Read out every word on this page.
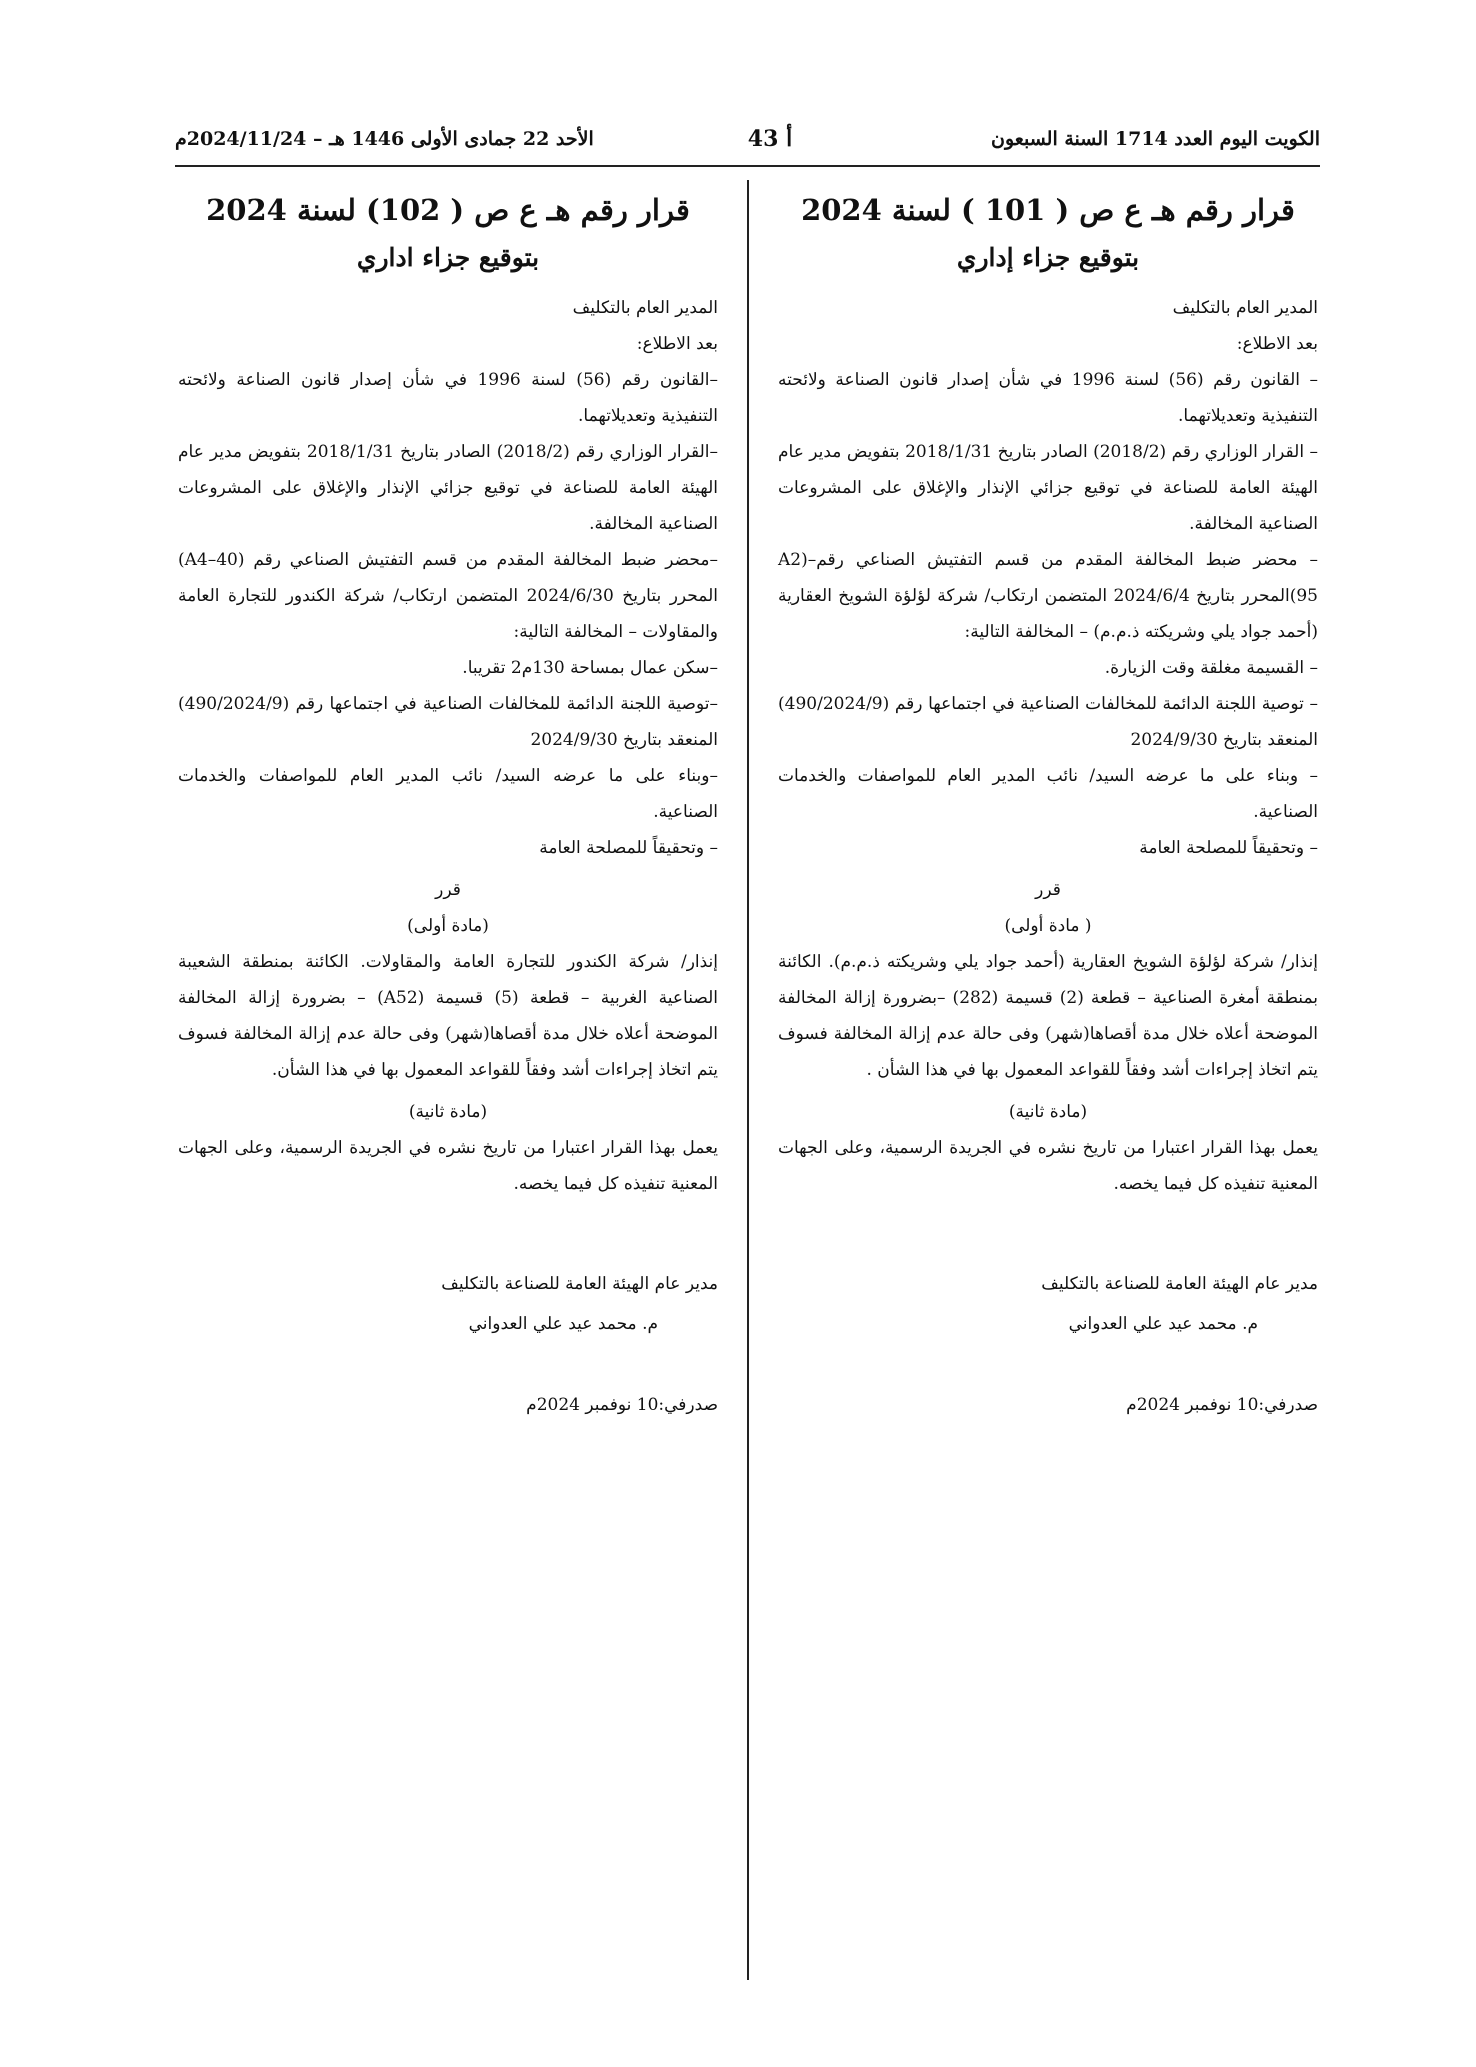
الكويت اليوم العدد 1714 السنة السبعون
أ 43
الأحد 22 جمادى الأولى 1446 هـ – 2024/11/24م
قرار رقم هـ ع ص ( 101 ) لسنة 2024
بتوقيع جزاء إداري

المدير العام بالتكليف

بعد الاطلاع:

– القانون رقم (56) لسنة 1996 في شأن إصدار قانون الصناعة ولائحته التنفيذية وتعديلاتهما.

– القرار الوزاري رقم (2018/2) الصادر بتاريخ 2018/1/31 بتفويض مدير عام الهيئة العامة للصناعة في توقيع جزائي الإنذار والإغلاق على المشروعات الصناعية المخالفة.

– محضر ضبط المخالفة المقدم من قسم التفتيش الصناعي رقم–A2) (95المحرر بتاريخ 2024/6/4 المتضمن ارتكاب/ شركة لؤلؤة الشويخ العقارية (أحمد جواد يلي وشريكته ذ.م.م) – المخالفة التالية:

– القسيمة مغلقة وقت الزيارة.

– توصية اللجنة الدائمة للمخالفات الصناعية في اجتماعها رقم (490/2024/9) المنعقد بتاريخ 2024/9/30

– وبناء على ما عرضه السيد/ نائب المدير العام للمواصفات والخدمات الصناعية.

– وتحقيقاً للمصلحة العامة

قرر
( مادة أولى)

إنذار/ شركة لؤلؤة الشويخ العقارية (أحمد جواد يلي وشريكته ذ.م.م). الكائنة بمنطقة أمغرة الصناعية – قطعة (2) قسيمة (282) –بضرورة إزالة المخالفة الموضحة أعلاه خلال مدة أقصاها(شهر) وفى حالة عدم إزالة المخالفة فسوف يتم اتخاذ إجراءات أشد وفقاً للقواعد المعمول بها في هذا الشأن .

(مادة ثانية)

يعمل بهذا القرار اعتبارا من تاريخ نشره في الجريدة الرسمية، وعلى الجهات المعنية تنفيذه كل فيما يخصه.

مدير عام الهيئة العامة للصناعة بالتكليف

م. محمد عيد علي العدواني

صدرفي:10 نوفمبر 2024م

قرار رقم هـ ع ص ( 102) لسنة 2024
بتوقيع جزاء اداري

المدير العام بالتكليف

بعد الاطلاع:

–القانون رقم (56) لسنة 1996 في شأن إصدار قانون الصناعة ولائحته التنفيذية وتعديلاتهما.

–القرار الوزاري رقم (2018/2) الصادر بتاريخ 2018/1/31 بتفويض مدير عام الهيئة العامة للصناعة في توقيع جزائي الإنذار والإغلاق على المشروعات الصناعية المخالفة.

–محضر ضبط المخالفة المقدم من قسم التفتيش الصناعي رقم (A4–40) المحرر بتاريخ 2024/6/30 المتضمن ارتكاب/ شركة الكندور للتجارة العامة والمقاولات – المخالفة التالية:

–سكن عمال بمساحة 130م2 تقريبا.

–توصية اللجنة الدائمة للمخالفات الصناعية في اجتماعها رقم (490/2024/9) المنعقد بتاريخ 2024/9/30

–وبناء على ما عرضه السيد/ نائب المدير العام للمواصفات والخدمات الصناعية.

– وتحقيقاً للمصلحة العامة

قرر
(مادة أولى)

إنذار/ شركة الكندور للتجارة العامة والمقاولات. الكائنة بمنطقة الشعيبة الصناعية الغربية – قطعة (5) قسيمة (A52) – بضرورة إزالة المخالفة الموضحة أعلاه خلال مدة أقصاها(شهر) وفى حالة عدم إزالة المخالفة فسوف يتم اتخاذ إجراءات أشد وفقاً للقواعد المعمول بها في هذا الشأن.

(مادة ثانية)

يعمل بهذا القرار اعتبارا من تاريخ نشره في الجريدة الرسمية، وعلى الجهات المعنية تنفيذه كل فيما يخصه.

مدير عام الهيئة العامة للصناعة بالتكليف

م. محمد عيد علي العدواني

صدرفي:10 نوفمبر 2024م
